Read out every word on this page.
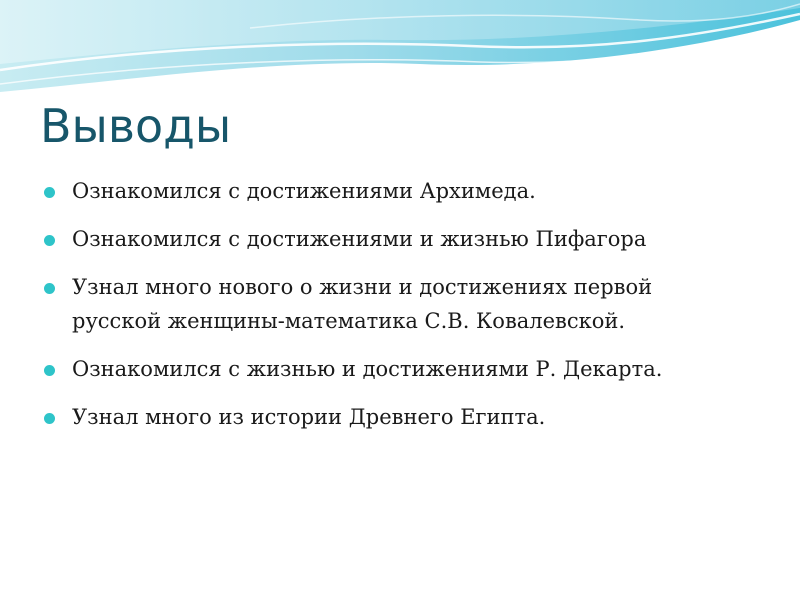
Выводы
Ознакомился с достижениями Архимеда.
Ознакомился с достижениями и жизнью Пифагора
Узнал много нового о жизни и достижениях первой русской женщины-математика С.В. Ковалевской.
Ознакомился с жизнью и достижениями Р. Декарта.
Узнал много из истории Древнего Египта.
